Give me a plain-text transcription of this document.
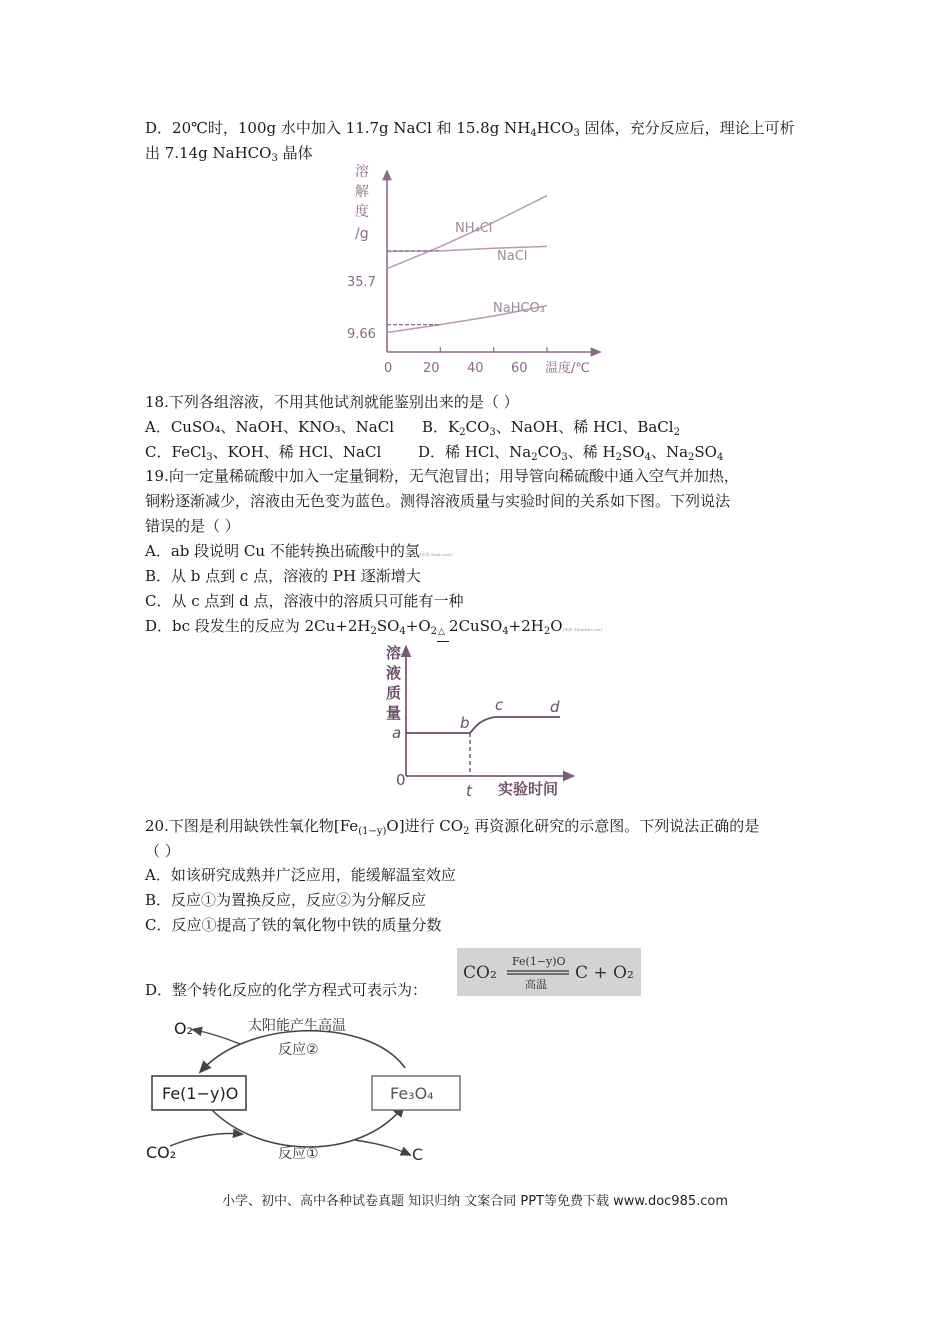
D．20℃时，100g 水中加入 11.7g NaCl 和 15.8g $NH_4HCO_3$ 固体，充分反应后，理论上可析
出 7.14g NaHCO$_3$ 晶体
溶
解
度
/g
35.7
9.66
0 20 40 60 温度/℃
NH₄Cl
NaCl
NaHCO₃
18.下列各组溶液，不用其他试剂就能鉴别出来的是（ ）
A．CuSO₄、NaOH、KNO₃、NaCl B．$K_2CO_3$、NaOH、稀 HCl、BaCl$_2$
C．FeCl$_3$、KOH、稀 HCl、NaCl D．稀 HCl、$Na_2CO_3$、稀 $H_2SO_4$、$Na_2SO_4$
19.向一定量稀硫酸中加入一定量铜粉，无气泡冒出；用导管向稀硫酸中通入空气并加热，
铜粉逐渐减少，溶液由无色变为蓝色。测得溶液质量与实验时间的关系如下图。下列说法
错误的是（ ）
A．ab 段说明 Cu 不能转换出硫酸中的氢[来源:Zxxk.com]
B．从 b 点到 c 点，溶液的 PH 逐渐增大
C．从 c 点到 d 点，溶液中的溶质只可能有一种
D．bc 段发生的反应为 $2Cu+2H_2SO_4+O_2$ △ $2CuSO_4+2H_2O$[来源:Z#xx#k.Com]
溶
液
质
量
a
b
c	d
0
t 实验时间
20.下图是利用缺铁性氧化物$[Fe_{(1-y)}O]$进行 $CO_2$ 再资源化研究的示意图。下列说法正确的是
（ ）
A．如该研究成熟并广泛应用，能缓解温室效应
B．反应①为置换反应，反应②为分解反应
C．反应①提高了铁的氧化物中铁的质量分数
D．整个转化反应的化学方程式可表示为：
CO₂
Fe(1−y)O
高温
C + O₂
Fe(1−y)O	Fe₃O₄
O₂	太阳能产生高温
反应②
CO₂	反应①	C
小学、初中、高中各种试卷真题 知识归纳 文案合同 PPT等免费下载 www.doc985.com
